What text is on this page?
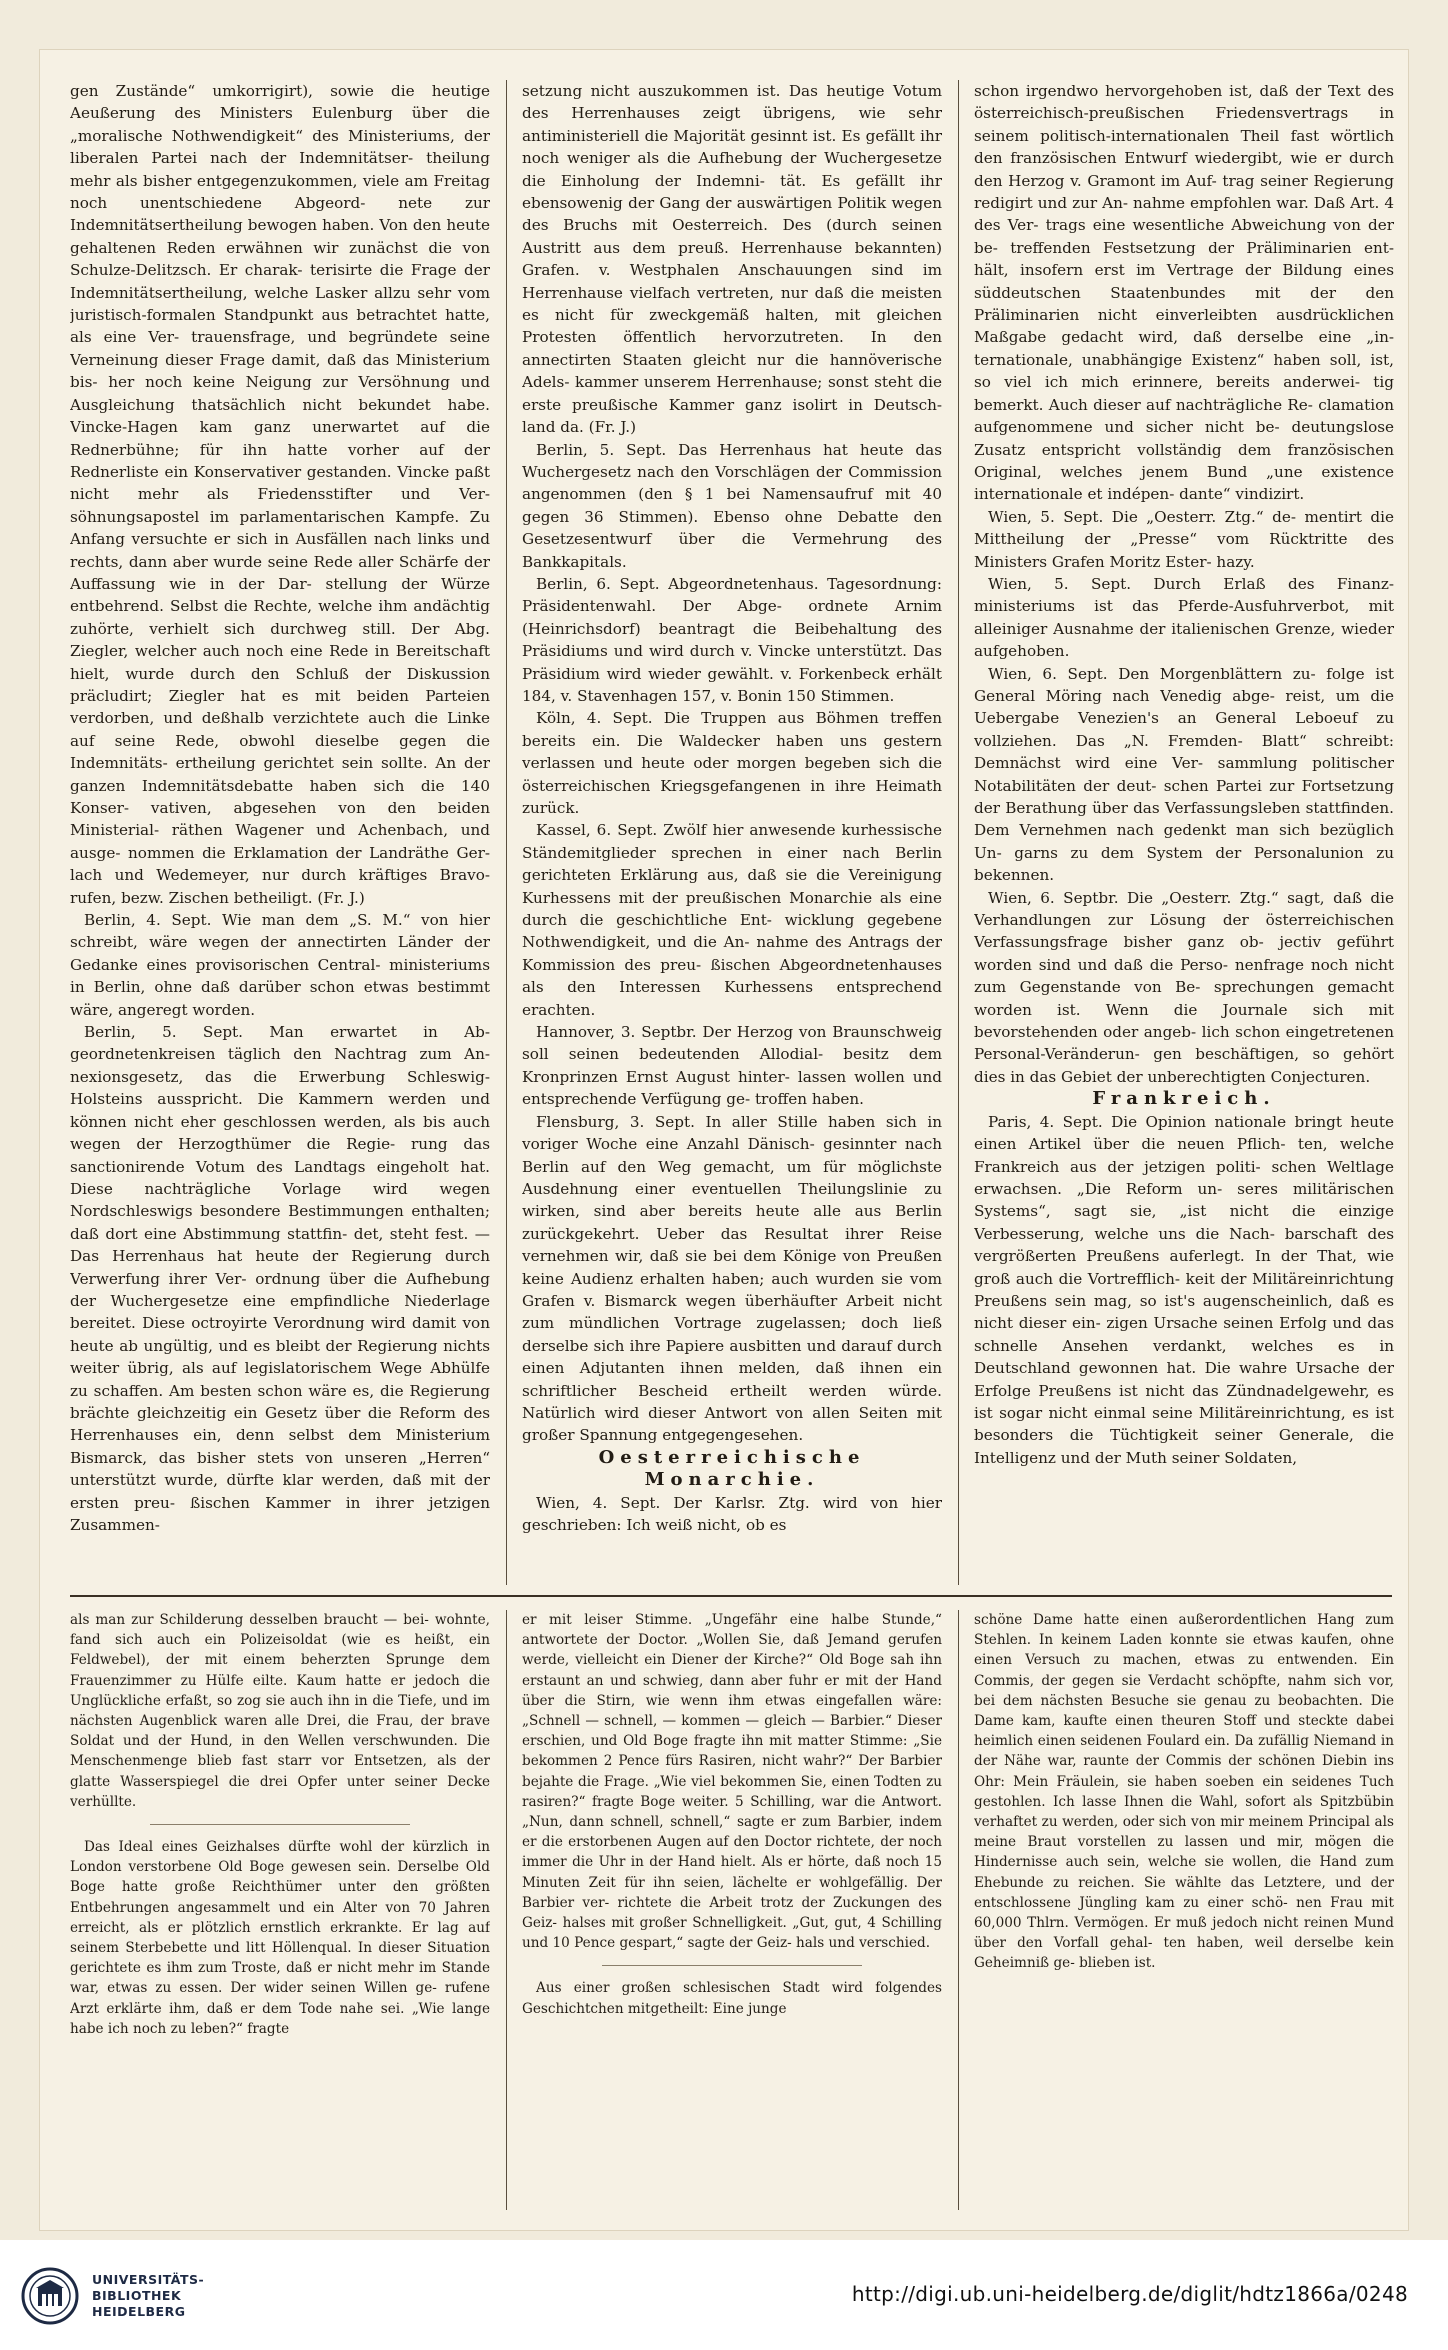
gen Zustände“ umkorrigirt), sowie die heutige Aeußerung des Ministers Eulenburg über die „moralische Nothwendigkeit“ des Ministeriums, der liberalen Partei nach der Indemnitätser- theilung mehr als bisher entgegenzukommen, viele am Freitag noch unentschiedene Abgeord- nete zur Indemnitätsertheilung bewogen haben. Von den heute gehaltenen Reden erwähnen wir zunächst die von Schulze-Delitzsch. Er charak- terisirte die Frage der Indemnitätsertheilung, welche Lasker allzu sehr vom juristisch-formalen Standpunkt aus betrachtet hatte, als eine Ver- trauensfrage, und begründete seine Verneinung dieser Frage damit, daß das Ministerium bis- her noch keine Neigung zur Versöhnung und Ausgleichung thatsächlich nicht bekundet habe. Vincke-Hagen kam ganz unerwartet auf die Rednerbühne; für ihn hatte vorher auf der Rednerliste ein Konservativer gestanden. Vincke paßt nicht mehr als Friedensstifter und Ver- söhnungsapostel im parlamentarischen Kampfe. Zu Anfang versuchte er sich in Ausfällen nach links und rechts, dann aber wurde seine Rede aller Schärfe der Auffassung wie in der Dar- stellung der Würze entbehrend. Selbst die Rechte, welche ihm andächtig zuhörte, verhielt sich durchweg still. Der Abg. Ziegler, welcher auch noch eine Rede in Bereitschaft hielt, wurde durch den Schluß der Diskussion präcludirt; Ziegler hat es mit beiden Parteien verdorben, und deßhalb verzichtete auch die Linke auf seine Rede, obwohl dieselbe gegen die Indemnitäts- ertheilung gerichtet sein sollte. An der ganzen Indemnitätsdebatte haben sich die 140 Konser- vativen, abgesehen von den beiden Ministerial- räthen Wagener und Achenbach, und ausge- nommen die Erklamation der Landräthe Ger- lach und Wedemeyer, nur durch kräftiges Bravo- rufen, bezw. Zischen betheiligt. (Fr. J.)

Berlin, 4. Sept. Wie man dem „S. M.“ von hier schreibt, wäre wegen der annectirten Länder der Gedanke eines provisorischen Central- ministeriums in Berlin, ohne daß darüber schon etwas bestimmt wäre, angeregt worden.

Berlin, 5. Sept. Man erwartet in Ab- geordnetenkreisen täglich den Nachtrag zum An- nexionsgesetz, das die Erwerbung Schleswig- Holsteins ausspricht. Die Kammern werden und können nicht eher geschlossen werden, als bis auch wegen der Herzogthümer die Regie- rung das sanctionirende Votum des Landtags eingeholt hat. Diese nachträgliche Vorlage wird wegen Nordschleswigs besondere Bestimmungen enthalten; daß dort eine Abstimmung stattfin- det, steht fest. — Das Herrenhaus hat heute der Regierung durch Verwerfung ihrer Ver- ordnung über die Aufhebung der Wuchergesetze eine empfindliche Niederlage bereitet. Diese octroyirte Verordnung wird damit von heute ab ungültig, und es bleibt der Regierung nichts weiter übrig, als auf legislatorischem Wege Abhülfe zu schaffen. Am besten schon wäre es, die Regierung brächte gleichzeitig ein Gesetz über die Reform des Herrenhauses ein, denn selbst dem Ministerium Bismarck, das bisher stets von unseren „Herren“ unterstützt wurde, dürfte klar werden, daß mit der ersten preu- ßischen Kammer in ihrer jetzigen Zusammen-

setzung nicht auszukommen ist. Das heutige Votum des Herrenhauses zeigt übrigens, wie sehr antiministeriell die Majorität gesinnt ist. Es gefällt ihr noch weniger als die Aufhebung der Wuchergesetze die Einholung der Indemni- tät. Es gefällt ihr ebensowenig der Gang der auswärtigen Politik wegen des Bruchs mit Oesterreich. Des (durch seinen Austritt aus dem preuß. Herrenhause bekannten) Grafen. v. Westphalen Anschauungen sind im Herrenhause vielfach vertreten, nur daß die meisten es nicht für zweckgemäß halten, mit gleichen Protesten öffentlich hervorzutreten. In den annectirten Staaten gleicht nur die hannöverische Adels- kammer unserem Herrenhause; sonst steht die erste preußische Kammer ganz isolirt in Deutsch- land da. (Fr. J.)

Berlin, 5. Sept. Das Herrenhaus hat heute das Wuchergesetz nach den Vorschlägen der Commission angenommen (den § 1 bei Namensaufruf mit 40 gegen 36 Stimmen). Ebenso ohne Debatte den Gesetzesentwurf über die Vermehrung des Bankkapitals.

Berlin, 6. Sept. Abgeordnetenhaus. Tagesordnung: Präsidentenwahl. Der Abge- ordnete Arnim (Heinrichsdorf) beantragt die Beibehaltung des Präsidiums und wird durch v. Vincke unterstützt. Das Präsidium wird wieder gewählt. v. Forkenbeck erhält 184, v. Stavenhagen 157, v. Bonin 150 Stimmen.

Köln, 4. Sept. Die Truppen aus Böhmen treffen bereits ein. Die Waldecker haben uns gestern verlassen und heute oder morgen begeben sich die österreichischen Kriegsgefangenen in ihre Heimath zurück.

Kassel, 6. Sept. Zwölf hier anwesende kurhessische Ständemitglieder sprechen in einer nach Berlin gerichteten Erklärung aus, daß sie die Vereinigung Kurhessens mit der preußischen Monarchie als eine durch die geschichtliche Ent- wicklung gegebene Nothwendigkeit, und die An- nahme des Antrags der Kommission des preu- ßischen Abgeordnetenhauses als den Interessen Kurhessens entsprechend erachten.

Hannover, 3. Septbr. Der Herzog von Braunschweig soll seinen bedeutenden Allodial- besitz dem Kronprinzen Ernst August hinter- lassen wollen und entsprechende Verfügung ge- troffen haben.

Flensburg, 3. Sept. In aller Stille haben sich in voriger Woche eine Anzahl Dänisch- gesinnter nach Berlin auf den Weg gemacht, um für möglichste Ausdehnung einer eventuellen Theilungslinie zu wirken, sind aber bereits heute alle aus Berlin zurückgekehrt. Ueber das Resultat ihrer Reise vernehmen wir, daß sie bei dem Könige von Preußen keine Audienz erhalten haben; auch wurden sie vom Grafen v. Bismarck wegen überhäufter Arbeit nicht zum mündlichen Vortrage zugelassen; doch ließ derselbe sich ihre Papiere ausbitten und darauf durch einen Adjutanten ihnen melden, daß ihnen ein schriftlicher Bescheid ertheilt werden würde. Natürlich wird dieser Antwort von allen Seiten mit großer Spannung entgegengesehen.

Oesterreichische Monarchie.

Wien, 4. Sept. Der Karlsr. Ztg. wird von hier geschrieben: Ich weiß nicht, ob es

schon irgendwo hervorgehoben ist, daß der Text des österreichisch-preußischen Friedensvertrags in seinem politisch-internationalen Theil fast wörtlich den französischen Entwurf wiedergibt, wie er durch den Herzog v. Gramont im Auf- trag seiner Regierung redigirt und zur An- nahme empfohlen war. Daß Art. 4 des Ver- trags eine wesentliche Abweichung von der be- treffenden Festsetzung der Präliminarien ent- hält, insofern erst im Vertrage der Bildung eines süddeutschen Staatenbundes mit der den Präliminarien nicht einverleibten ausdrücklichen Maßgabe gedacht wird, daß derselbe eine „in- ternationale, unabhängige Existenz“ haben soll, ist, so viel ich mich erinnere, bereits anderwei- tig bemerkt. Auch dieser auf nachträgliche Re- clamation aufgenommene und sicher nicht be- deutungslose Zusatz entspricht vollständig dem französischen Original, welches jenem Bund „une existence internationale et indépen- dante“ vindizirt.

Wien, 5. Sept. Die „Oesterr. Ztg.“ de- mentirt die Mittheilung der „Presse“ vom Rücktritte des Ministers Grafen Moritz Ester- hazy.

Wien, 5. Sept. Durch Erlaß des Finanz- ministeriums ist das Pferde-Ausfuhrverbot, mit alleiniger Ausnahme der italienischen Grenze, wieder aufgehoben.

Wien, 6. Sept. Den Morgenblättern zu- folge ist General Möring nach Venedig abge- reist, um die Uebergabe Venezien's an General Leboeuf zu vollziehen. Das „N. Fremden- Blatt“ schreibt: Demnächst wird eine Ver- sammlung politischer Notabilitäten der deut- schen Partei zur Fortsetzung der Berathung über das Verfassungsleben stattfinden. Dem Vernehmen nach gedenkt man sich bezüglich Un- garns zu dem System der Personalunion zu bekennen.

Wien, 6. Septbr. Die „Oesterr. Ztg.“ sagt, daß die Verhandlungen zur Lösung der österreichischen Verfassungsfrage bisher ganz ob- jectiv geführt worden sind und daß die Perso- nenfrage noch nicht zum Gegenstande von Be- sprechungen gemacht worden ist. Wenn die Journale sich mit bevorstehenden oder angeb- lich schon eingetretenen Personal-Veränderun- gen beschäftigen, so gehört dies in das Gebiet der unberechtigten Conjecturen.

Frankreich.

Paris, 4. Sept. Die Opinion nationale bringt heute einen Artikel über die neuen Pflich- ten, welche Frankreich aus der jetzigen politi- schen Weltlage erwachsen. „Die Reform un- seres militärischen Systems“, sagt sie, „ist nicht die einzige Verbesserung, welche uns die Nach- barschaft des vergrößerten Preußens auferlegt. In der That, wie groß auch die Vortrefflich- keit der Militäreinrichtung Preußens sein mag, so ist's augenscheinlich, daß es nicht dieser ein- zigen Ursache seinen Erfolg und das schnelle Ansehen verdankt, welches es in Deutschland gewonnen hat. Die wahre Ursache der Erfolge Preußens ist nicht das Zündnadelgewehr, es ist sogar nicht einmal seine Militäreinrichtung, es ist besonders die Tüchtigkeit seiner Generale, die Intelligenz und der Muth seiner Soldaten,

als man zur Schilderung desselben braucht — bei- wohnte, fand sich auch ein Polizeisoldat (wie es heißt, ein Feldwebel), der mit einem beherzten Sprunge dem Frauenzimmer zu Hülfe eilte. Kaum hatte er jedoch die Unglückliche erfaßt, so zog sie auch ihn in die Tiefe, und im nächsten Augenblick waren alle Drei, die Frau, der brave Soldat und der Hund, in den Wellen verschwunden. Die Menschenmenge blieb fast starr vor Entsetzen, als der glatte Wasserspiegel die drei Opfer unter seiner Decke verhüllte.

Das Ideal eines Geizhalses dürfte wohl der kürzlich in London verstorbene Old Boge gewesen sein. Derselbe Old Boge hatte große Reichthümer unter den größten Entbehrungen angesammelt und ein Alter von 70 Jahren erreicht, als er plötzlich ernstlich erkrankte. Er lag auf seinem Sterbebette und litt Höllenqual. In dieser Situation gerichtete es ihm zum Troste, daß er nicht mehr im Stande war, etwas zu essen. Der wider seinen Willen ge- rufene Arzt erklärte ihm, daß er dem Tode nahe sei. „Wie lange habe ich noch zu leben?“ fragte

er mit leiser Stimme. „Ungefähr eine halbe Stunde,“ antwortete der Doctor. „Wollen Sie, daß Jemand gerufen werde, vielleicht ein Diener der Kirche?“ Old Boge sah ihn erstaunt an und schwieg, dann aber fuhr er mit der Hand über die Stirn, wie wenn ihm etwas eingefallen wäre: „Schnell — schnell, — kommen — gleich — Barbier.“ Dieser erschien, und Old Boge fragte ihn mit matter Stimme: „Sie bekommen 2 Pence fürs Rasiren, nicht wahr?“ Der Barbier bejahte die Frage. „Wie viel bekommen Sie, einen Todten zu rasiren?“ fragte Boge weiter. 5 Schilling, war die Antwort. „Nun, dann schnell, schnell,“ sagte er zum Barbier, indem er die erstorbenen Augen auf den Doctor richtete, der noch immer die Uhr in der Hand hielt. Als er hörte, daß noch 15 Minuten Zeit für ihn seien, lächelte er wohlgefällig. Der Barbier ver- richtete die Arbeit trotz der Zuckungen des Geiz- halses mit großer Schnelligkeit. „Gut, gut, 4 Schilling und 10 Pence gespart,“ sagte der Geiz- hals und verschied.

Aus einer großen schlesischen Stadt wird folgendes Geschichtchen mitgetheilt: Eine junge

schöne Dame hatte einen außerordentlichen Hang zum Stehlen. In keinem Laden konnte sie etwas kaufen, ohne einen Versuch zu machen, etwas zu entwenden. Ein Commis, der gegen sie Verdacht schöpfte, nahm sich vor, bei dem nächsten Besuche sie genau zu beobachten. Die Dame kam, kaufte einen theuren Stoff und steckte dabei heimlich einen seidenen Foulard ein. Da zufällig Niemand in der Nähe war, raunte der Commis der schönen Diebin ins Ohr: Mein Fräulein, sie haben soeben ein seidenes Tuch gestohlen. Ich lasse Ihnen die Wahl, sofort als Spitzbübin verhaftet zu werden, oder sich von mir meinem Principal als meine Braut vorstellen zu lassen und mir, mögen die Hindernisse auch sein, welche sie wollen, die Hand zum Ehebunde zu reichen. Sie wählte das Letztere, und der entschlossene Jüngling kam zu einer schö- nen Frau mit 60,000 Thlrn. Vermögen. Er muß jedoch nicht reinen Mund über den Vorfall gehal- ten haben, weil derselbe kein Geheimniß ge- blieben ist.

UNIVERSITÄTS-
BIBLIOTHEK
HEIDELBERG
http://digi.ub.uni-heidelberg.de/diglit/hdtz1866a/0248
